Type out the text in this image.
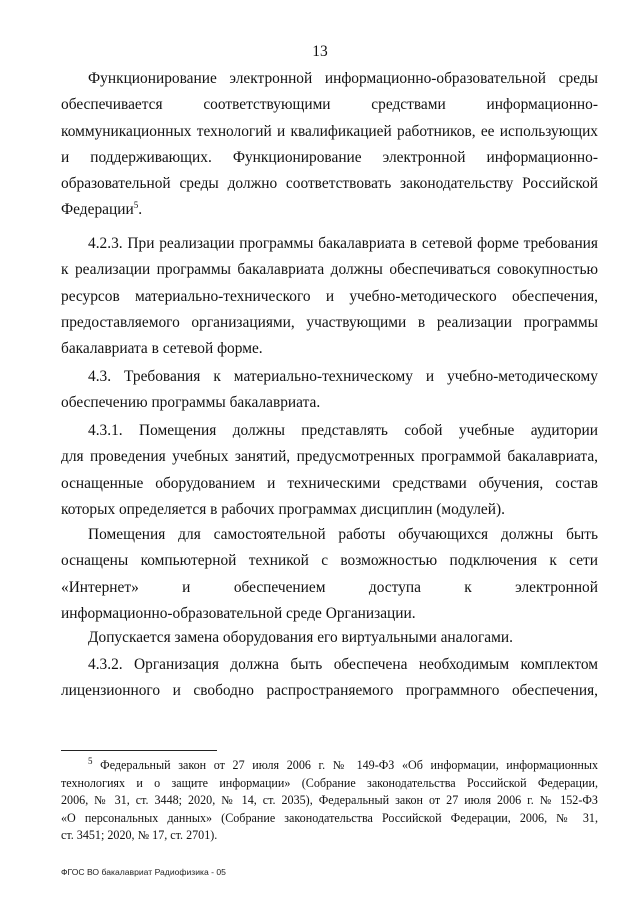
13
Функционирование электронной информационно-образовательной среды
обеспечивается соответствующими средствами информационно-
коммуникационных технологий и квалификацией работников, ее использующих
и поддерживающих. Функционирование электронной информационно-
образовательной среды должно соответствовать законодательству Российской
Федерации$^5$.
4.2.3. При реализации программы бакалавриата в сетевой форме требования
к реализации программы бакалавриата должны обеспечиваться совокупностью
ресурсов материально-технического и учебно-методического обеспечения,
предоставляемого организациями, участвующими в реализации программы
бакалавриата в сетевой форме.
4.3. Требования к материально-техническому и учебно-методическому
обеспечению программы бакалавриата.
4.3.1. Помещения должны представлять собой учебные аудитории
для проведения учебных занятий, предусмотренных программой бакалавриата,
оснащенные оборудованием и техническими средствами обучения, состав
которых определяется в рабочих программах дисциплин (модулей).
Помещения для самостоятельной работы обучающихся должны быть
оснащены компьютерной техникой с возможностью подключения к сети
«Интернет» и обеспечением доступа к электронной
информационно-образовательной среде Организации.
Допускается замена оборудования его виртуальными аналогами.
4.3.2. Организация должна быть обеспечена необходимым комплектом
лицензионного и свободно распространяемого программного обеспечения,
$^5$ Федеральный закон от 27 июля 2006 г. № 149-ФЗ «Об информации, информационных
технологиях и о защите информации» (Собрание законодательства Российской Федерации,
2006, № 31, ст. 3448; 2020, № 14, ст. 2035), Федеральный закон от 27 июля 2006 г. № 152-ФЗ
«О персональных данных» (Собрание законодательства Российской Федерации, 2006, № 31,
ст. 3451; 2020, № 17, ст. 2701).
ФГОС ВО бакалавриат Радиофизика - 05
